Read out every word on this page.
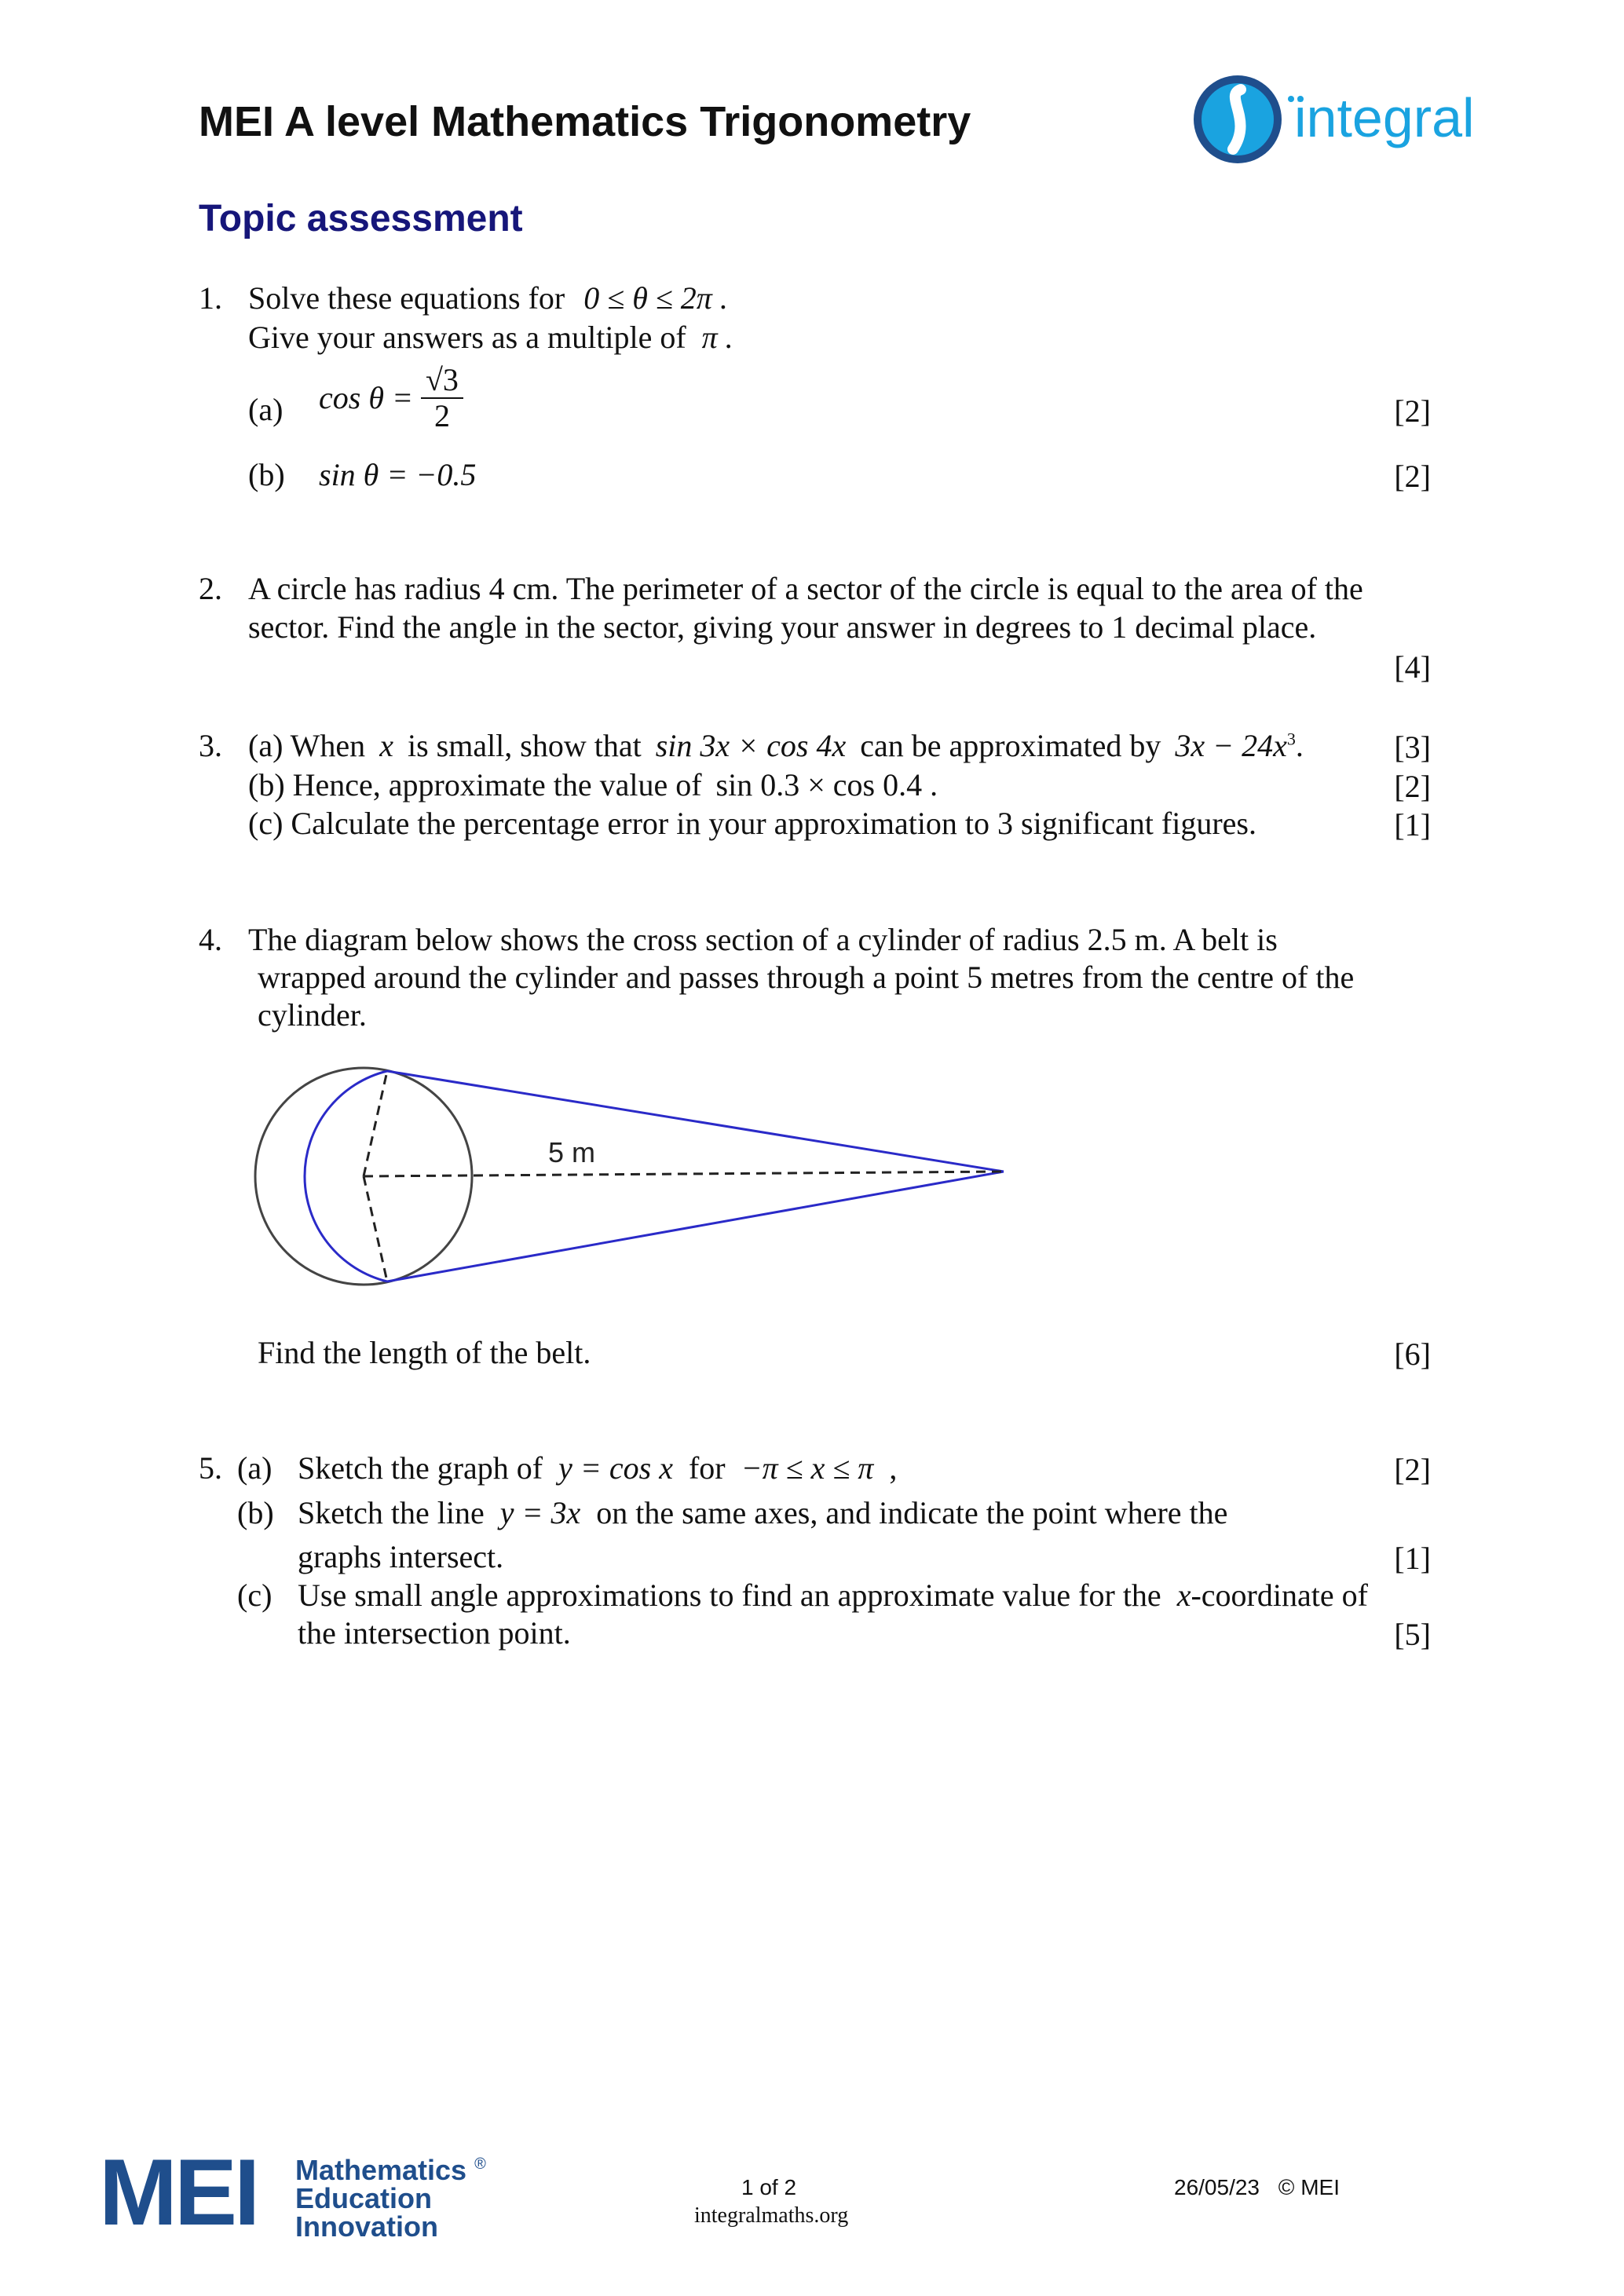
MEI A level Mathematics Trigonometry	integral
Topic assessment
1. Solve these equations for 0 ≤ θ ≤ 2π .
Give your answers as a multiple of π .
(a) $\cos \theta = \frac{√3}{2}$	[2]
(b) sin θ = −0.5	[2]
2. A circle has radius 4 cm. The perimeter of a sector of the circle is equal to the area of the
sector. Find the angle in the sector, giving your answer in degrees to 1 decimal place.
[4]
3. (a) When x is small, show that sin 3x × cos 4x can be approximated by $3x - 24x^3$.	[3]
(b) Hence, approximate the value of sin 0.3 × cos 0.4 .	[2]
(c) Calculate the percentage error in your approximation to 3 significant figures.	[1]
4. The diagram below shows the cross section of a cylinder of radius 2.5 m. A belt is
wrapped around the cylinder and passes through a point 5 metres from the centre of the
cylinder.
5 m
Find the length of the belt.	[6]
5. (a) Sketch the graph of y = cos x for −π ≤ x ≤ π ,	[2]
(b) Sketch the line y = 3x on the same axes, and indicate the point where the
graphs intersect.	[1]
(c) Use small angle approximations to find an approximate value for the x-coordinate of
the intersection point.	[5]
MEI Mathematics ®
Education
Innovation
1 of 2
integralmaths.org
26/05/23 © MEI
